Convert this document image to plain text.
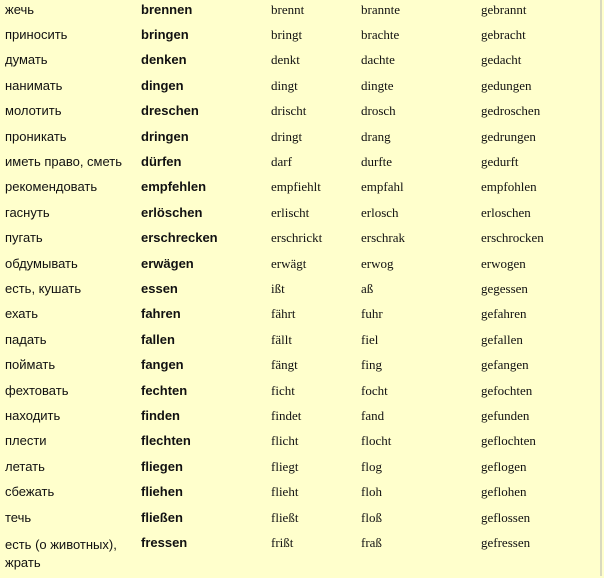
жечь	brennen	brennt	brannte	gebrannt
приносить	bringen	bringt	brachte	gebracht
думать	denken	denkt	dachte	gedacht
нанимать	dingen	dingt	dingte	gedungen
молотить	dreschen	drischt	drosch	gedroschen
проникать	dringen	dringt	drang	gedrungen
иметь право, сметь	dürfen	darf	durfte	gedurft
рекомендовать	empfehlen	empfiehlt	empfahl	empfohlen
гаснуть	erlöschen	erlischt	erlosch	erloschen
пугать	erschrecken	erschrickt	erschrak	erschrocken
обдумывать	erwägen	erwägt	erwog	erwogen
есть, кушать	essen	ißt	aß	gegessen
ехать	fahren	fährt	fuhr	gefahren
падать	fallen	fällt	fiel	gefallen
поймать	fangen	fängt	fing	gefangen
фехтовать	fechten	ficht	focht	gefochten
находить	finden	findet	fand	gefunden
плести	flechten	flicht	flocht	geflochten
летать	fliegen	fliegt	flog	geflogen
сбежать	fliehen	flieht	floh	geflohen
течь	fließen	fließt	floß	geflossen
есть (о животных), жрать	fressen	frißt	fraß	gefressen
